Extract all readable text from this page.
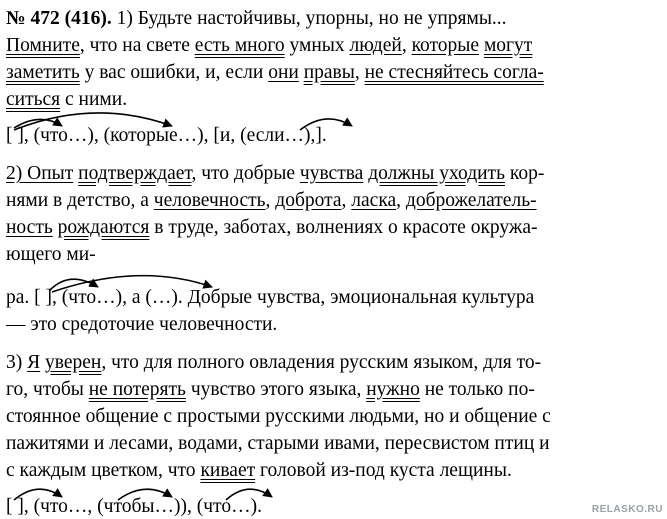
№ 472 (416). 1) Будьте настойчивы, упорны, но не упрямы...
Помните, что на свете есть много умных людей, которые могут
заметить у вас ошибки, и, если они правы, не стесняйтесь согла-
ситься с ними.
[ ], (что…), (которые…), [и, (если…),].
2) Опыт подтверждает, что добрые чувства должны уходить кор-
нями в детство, а человечность, доброта, ласка, доброжелатель-
ность рождаются в труде, заботах, волнениях о красоте окружа-
ющего ми-
ра. [ ], (что…), а (…). Добрые чувства, эмоциональная культура
— это средоточие человечности.
3) Я уверен, что для полного овладения русским языком, для то-
го, чтобы не потерять чувство этого языка, нужно не только по-
стоянное общение с простыми русскими людьми, но и общение с
пажитями и лесами, водами, старыми ивами, пересвистом птиц и
с каждым цветком, что кивает головой из-под куста лещины.
[ ], (что…, (чтобы…)), (что…).	RELASKO.RU
